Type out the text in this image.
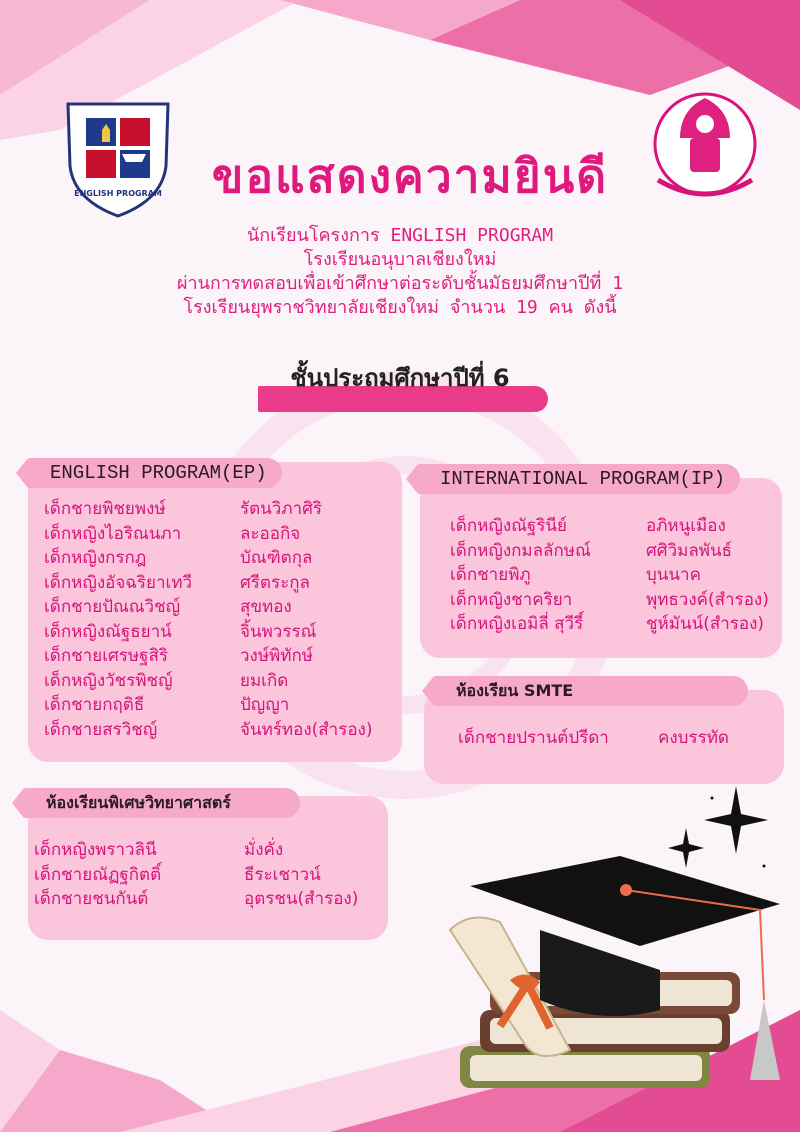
ENGLISH PROGRAM	ขอแสดงความยินดี
นักเรียนโครงการ ENGLISH PROGRAM
โรงเรียนอนุบาลเชียงใหม่
ผ่านการทดสอบเพื่อเข้าศึกษาต่อระดับชั้นมัธยมศึกษาปีที่ 1
โรงเรียนยุพราชวิทยาลัยเชียงใหม่ จำนวน 19 คน ดังนี้
ชั้นประถมศึกษาปีที่ 6
ENGLISH PROGRAM(EP)
เด็กชายพิชยพงษ์	รัตนวิภาศิริ
เด็กหญิงไอริณนภา	ละออกิจ
เด็กหญิงกรกฎ	บัณฑิตกุล
เด็กหญิงอัจฉริยาเทวี	ศรีตระกูล
เด็กชายปัณณวิชญ์	สุขทอง
เด็กหญิงณัฐธยาน์	จิ้นพวรรณ์
เด็กชายเศรษฐสิริ	วงษ์พิทักษ์
เด็กหญิงวัชรพิชญ์	ยมเกิด
เด็กชายกฤติธี	ปัญญา
เด็กชายสรวิชญ์	จันทร์ทอง(สำรอง)
INTERNATIONAL PROGRAM(IP)
เด็กหญิงณัฐรินีย์	อภิหนูเมือง
เด็กหญิงกมลลักษณ์	ศศิวิมลพันธ์
เด็กชายพิภู	บุนนาค
เด็กหญิงชาคริยา	พุทธวงค์(สำรอง)
เด็กหญิงเอมิลี่ สุวีรี์	ชูห์มันน์(สำรอง)
ห้องเรียน SMTE
เด็กชายปรานต์ปรีดา	คงบรรทัด
ห้องเรียนพิเศษวิทยาศาสตร์
เด็กหญิงพราวลินี	มั่งคั่ง
เด็กชายณัฏฐกิตติ์	ธีระเชาวน์
เด็กชายชนกันต์	อุตรชน(สำรอง)
